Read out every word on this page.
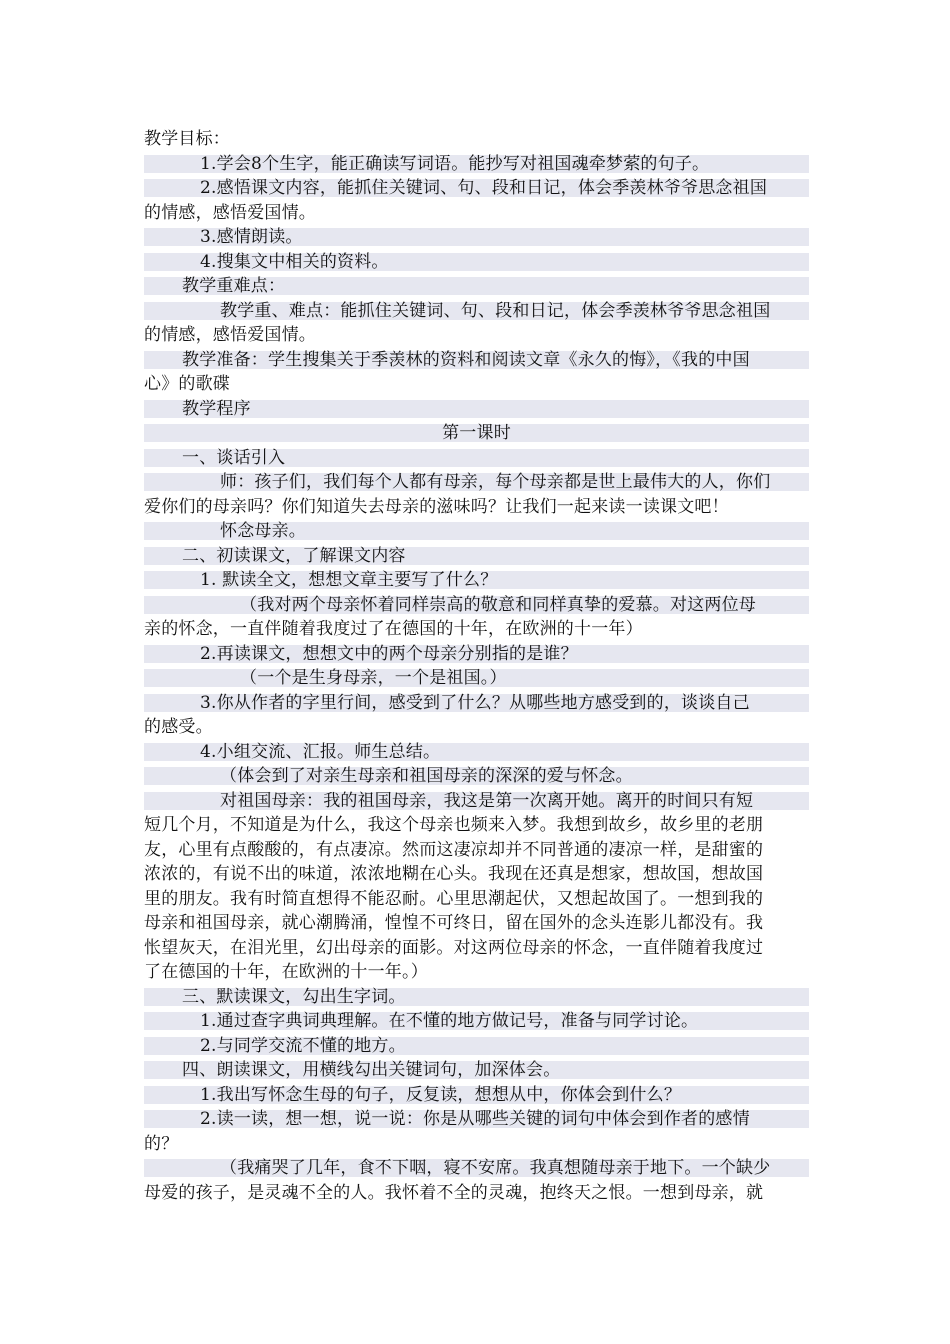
教学目标：
1.学会8个生字，能正确读写词语。能抄写对祖国魂牵梦萦的句子。
2.感悟课文内容，能抓住关键词、句、段和日记，体会季羡林爷爷思念祖国
的情感，感悟爱国情。
3.感情朗读。
4.搜集文中相关的资料。
教学重难点：
教学重、难点：能抓住关键词、句、段和日记，体会季羡林爷爷思念祖国
的情感，感悟爱国情。
教学准备：学生搜集关于季羡林的资料和阅读文章《永久的悔》，《我的中国
心》的歌碟
教学程序
第一课时
一、谈话引入
师：孩子们，我们每个人都有母亲，每个母亲都是世上最伟大的人，你们
爱你们的母亲吗？你们知道失去母亲的滋味吗？让我们一起来读一读课文吧！
怀念母亲。
二、初读课文，了解课文内容
1. 默读全文，想想文章主要写了什么？
（我对两个母亲怀着同样崇高的敬意和同样真挚的爱慕。对这两位母
亲的怀念，一直伴随着我度过了在德国的十年，在欧洲的十一年）
2.再读课文，想想文中的两个母亲分别指的是谁？
（一个是生身母亲，一个是祖国。）
3.你从作者的字里行间，感受到了什么？从哪些地方感受到的，谈谈自己
的感受。
4.小组交流、汇报。师生总结。
（体会到了对亲生母亲和祖国母亲的深深的爱与怀念。
对祖国母亲：我的祖国母亲，我这是第一次离开她。离开的时间只有短
短几个月，不知道是为什么，我这个母亲也频来入梦。我想到故乡，故乡里的老朋
友，心里有点酸酸的，有点凄凉。然而这凄凉却并不同普通的凄凉一样，是甜蜜的
浓浓的，有说不出的味道，浓浓地糊在心头。我现在还真是想家，想故国，想故国
里的朋友。我有时简直想得不能忍耐。心里思潮起伏，又想起故国了。一想到我的
母亲和祖国母亲，就心潮腾涌，惶惶不可终日，留在国外的念头连影儿都没有。我
怅望灰天，在泪光里，幻出母亲的面影。对这两位母亲的怀念，一直伴随着我度过
了在德国的十年，在欧洲的十一年。）
三、默读课文，勾出生字词。
1.通过查字典词典理解。在不懂的地方做记号，准备与同学讨论。
2.与同学交流不懂的地方。
四、朗读课文，用横线勾出关键词句，加深体会。
1.我出写怀念生母的句子，反复读，想想从中，你体会到什么？
2.读一读，想一想，说一说：你是从哪些关键的词句中体会到作者的感情
的？
（我痛哭了几年，食不下咽，寝不安席。我真想随母亲于地下。一个缺少
母爱的孩子，是灵魂不全的人。我怀着不全的灵魂，抱终天之恨。一想到母亲，就
